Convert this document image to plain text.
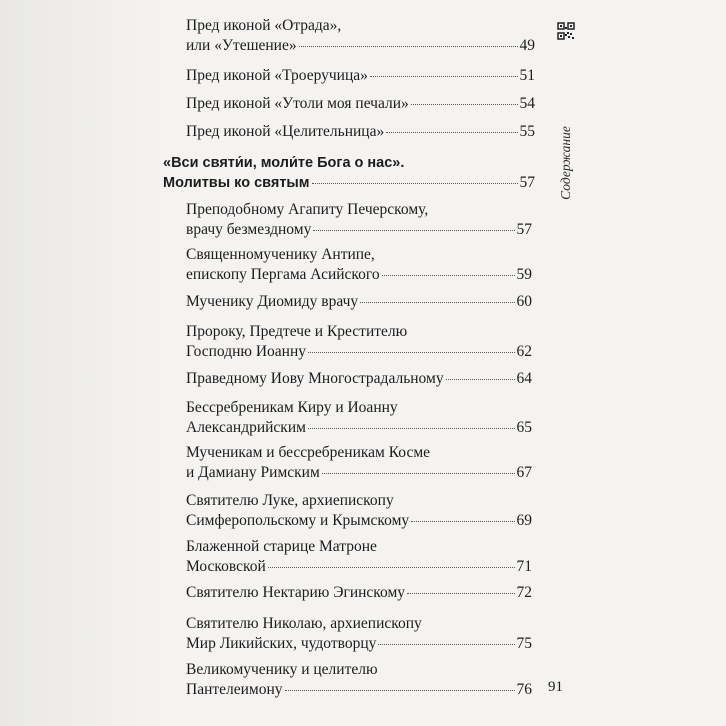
Содержание
Пред иконой «Отрада»,
или «Утешение»	49
Пред иконой «Троеручица»	51
Пред иконой «Утоли моя печали»	54
Пред иконой «Целительница»	55
«Вси святи́и, моли́те Бога о нас».
Молитвы ко святым	57
Преподобному Агапиту Печерскому,
врачу безмездному	57
Священномученику Антипе,
епископу Пергама Асийского	59
Мученику Диомиду врачу	60
Пророку, Предтече и Крестителю
Господню Иоанну	62
Праведному Иову Многострадальному	64
Бессребреникам Киру и Иоанну
Александрийским	65
Мученикам и бессребреникам Косме
и Дамиану Римским	67
Святителю Луке, архиепископу
Симферопольскому и Крымскому	69
Блаженной старице Матроне
Московской	71
Святителю Нектарию Эгинскому	72
Святителю Николаю, архиепископу
Мир Ликийских, чудотворцу	75
Великомученику и целителю
Пантелеимону	76 91
